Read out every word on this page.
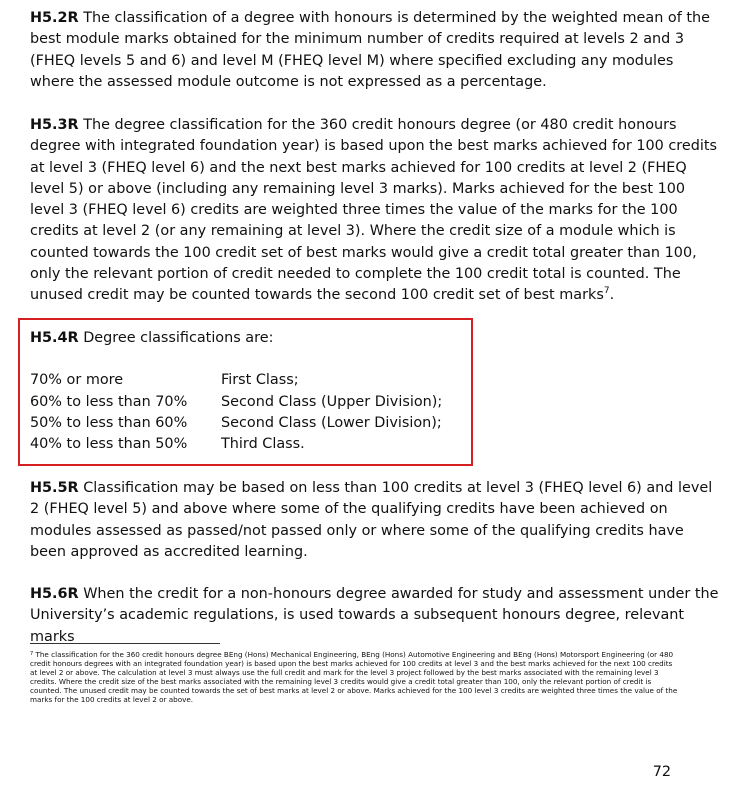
H5.2R The classification of a degree with honours is determined by the weighted mean of the best module marks obtained for the minimum number of credits required at levels 2 and 3 (FHEQ levels 5 and 6) and level M (FHEQ level M) where specified excluding any modules where the assessed module outcome is not expressed as a percentage.

H5.3R The degree classification for the 360 credit honours degree (or 480 credit honours degree with integrated foundation year) is based upon the best marks achieved for 100 credits at level 3 (FHEQ level 6) and the next best marks achieved for 100 credits at level 2 (FHEQ level 5) or above (including any remaining level 3 marks). Marks achieved for the best 100 level 3 (FHEQ level 6) credits are weighted three times the value of the marks for the 100 credits at level 2 (or any remaining at level 3). Where the credit size of a module which is counted towards the 100 credit set of best marks would give a credit total greater than 100, only the relevant portion of credit needed to complete the 100 credit total is counted. The unused credit may be counted towards the second 100 credit set of best marks$^7$.

H5.4R Degree classifications are:

70% or more	First Class;
60% to less than 70% Second Class (Upper Division);
50% to less than 60% Second Class (Lower Division);
40% to less than 50% Third Class.

H5.5R Classification may be based on less than 100 credits at level 3 (FHEQ level 6) and level 2 (FHEQ level 5) and above where some of the qualifying credits have been achieved on modules assessed as passed/not passed only or where some of the qualifying credits have been approved as accredited learning.

H5.6R When the credit for a non-honours degree awarded for study and assessment under the University’s academic regulations, is used towards a subsequent honours degree, relevant marks

$^7$ The classification for the 360 credit honours degree BEng (Hons) Mechanical Engineering, BEng (Hons) Automotive Engineering and BEng (Hons) Motorsport Engineering (or 480 credit honours degrees with an integrated foundation year) is based upon the best marks achieved for 100 credits at level 3 and the best marks achieved for the next 100 credits at level 2 or above. The calculation at level 3 must always use the full credit and mark for the level 3 project followed by the best marks associated with the remaining level 3 credits. Where the credit size of the best marks associated with the remaining level 3 credits would give a credit total greater than 100, only the relevant portion of credit is counted. The unused credit may be counted towards the set of best marks at level 2 or above. Marks achieved for the 100 level 3 credits are weighted three times the value of the marks for the 100 credits at level 2 or above.

72
